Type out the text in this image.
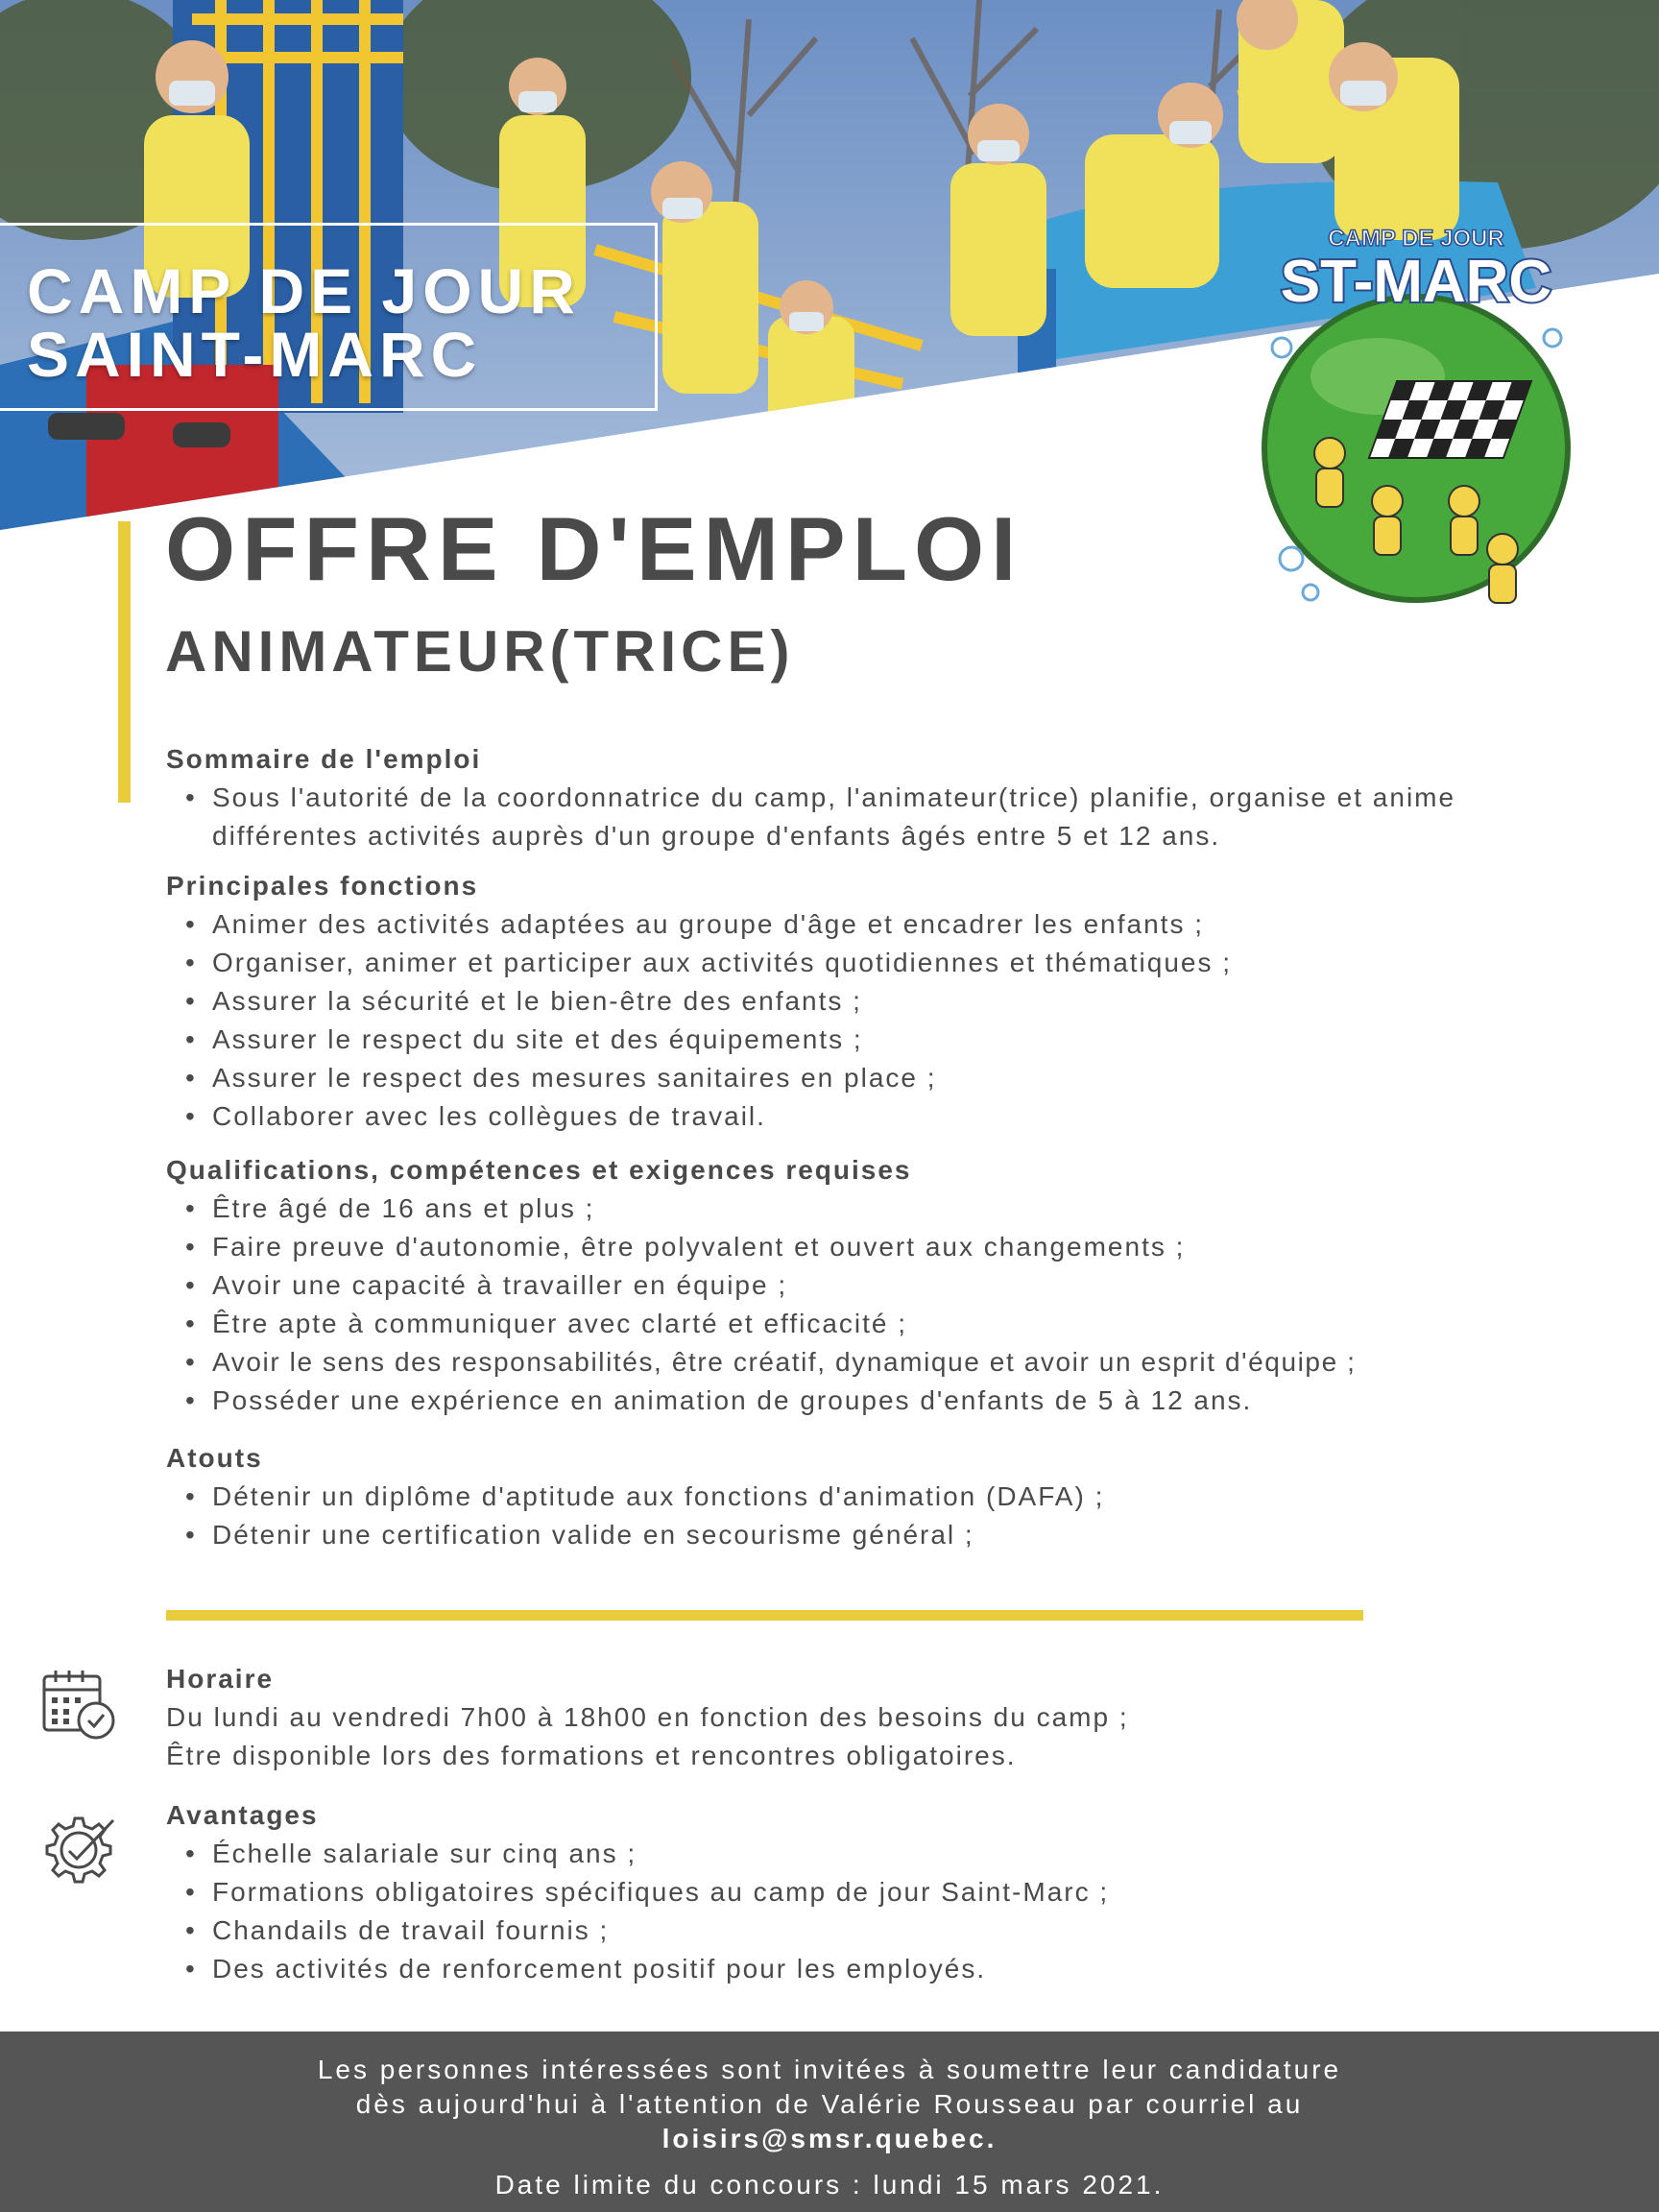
CAMP DE JOUR
SAINT-MARC
CAMP DE JOUR
ST-MARC
OFFRE D'EMPLOI
ANIMATEUR(TRICE)
Sommaire de l'emploi
• Sous l'autorité de la coordonnatrice du camp, l'animateur(trice) planifie, organise et anime différentes activités auprès d'un groupe d'enfants âgés entre 5 et 12 ans.
Principales fonctions
• Animer des activités adaptées au groupe d'âge et encadrer les enfants ;
• Organiser, animer et participer aux activités quotidiennes et thématiques ;
• Assurer la sécurité et le bien-être des enfants ;
• Assurer le respect du site et des équipements ;
• Assurer le respect des mesures sanitaires en place ;
• Collaborer avec les collègues de travail.
Qualifications, compétences et exigences requises
• Être âgé de 16 ans et plus ;
• Faire preuve d'autonomie, être polyvalent et ouvert aux changements ;
• Avoir une capacité à travailler en équipe ;
• Être apte à communiquer avec clarté et efficacité ;
• Avoir le sens des responsabilités, être créatif, dynamique et avoir un esprit d'équipe ;
• Posséder une expérience en animation de groupes d'enfants de 5 à 12 ans.
Atouts
• Détenir un diplôme d'aptitude aux fonctions d'animation (DAFA) ;
• Détenir une certification valide en secourisme général ;
Horaire
Du lundi au vendredi 7h00 à 18h00 en fonction des besoins du camp ;
Être disponible lors des formations et rencontres obligatoires.
Avantages
• Échelle salariale sur cinq ans ;
• Formations obligatoires spécifiques au camp de jour Saint-Marc ;
• Chandails de travail fournis ;
• Des activités de renforcement positif pour les employés.
Les personnes intéressées sont invitées à soumettre leur candidature
dès aujourd'hui à l'attention de Valérie Rousseau par courriel au
loisirs@smsr.quebec.
Date limite du concours : lundi 15 mars 2021.
